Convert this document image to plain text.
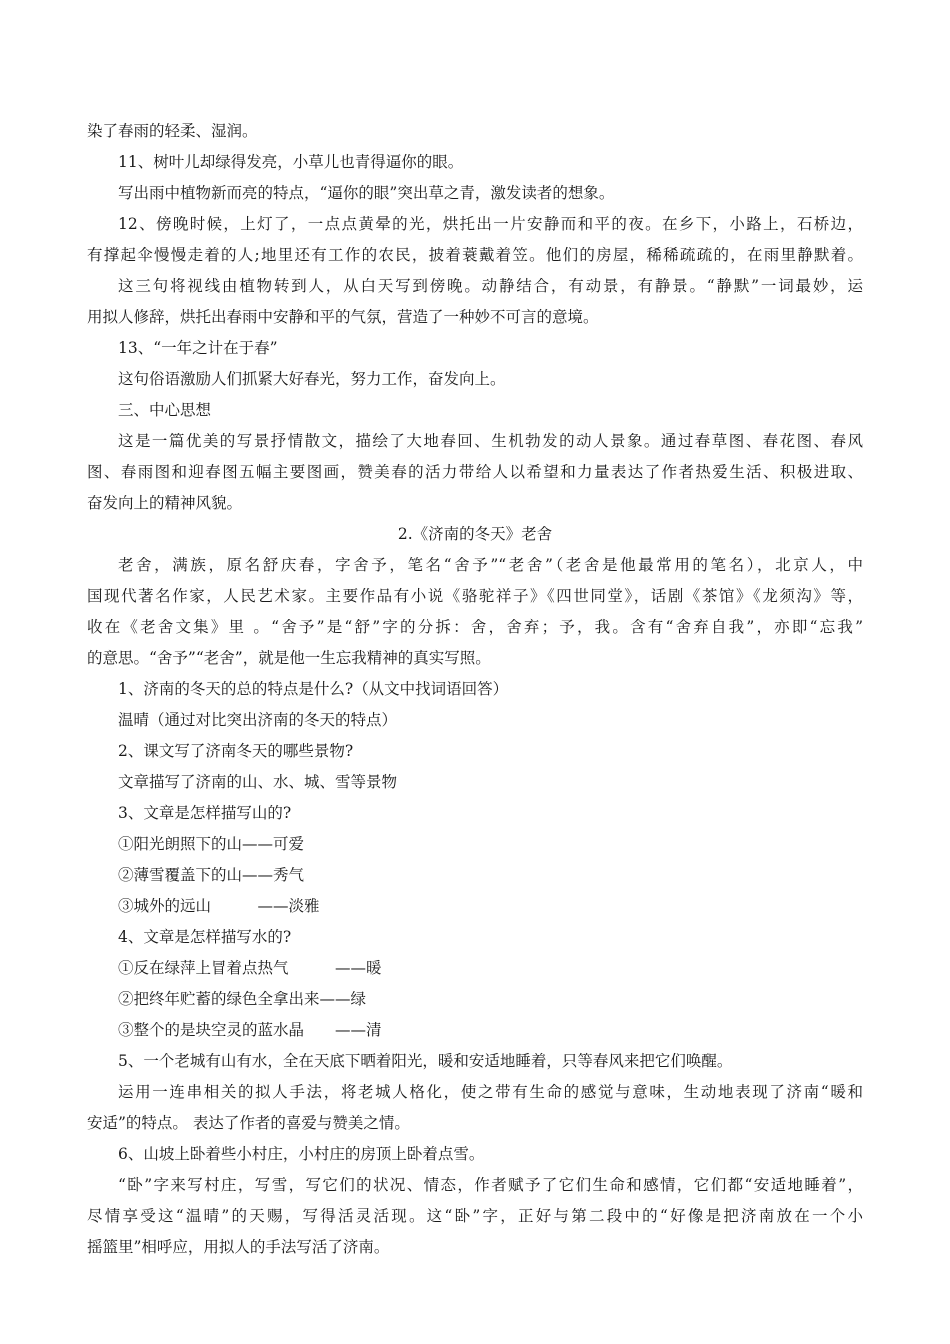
染了春雨的轻柔、湿润。
11、树叶儿却绿得发亮，小草儿也青得逼你的眼。
写出雨中植物新而亮的特点，“逼你的眼”突出草之青，激发读者的想象。
12、傍晚时候，上灯了，一点点黄晕的光，烘托出一片安静而和平的夜。在乡下，小路上，石桥边，
有撑起伞慢慢走着的人;地里还有工作的农民，披着蓑戴着笠。他们的房屋，稀稀疏疏的，在雨里静默着。
这三句将视线由植物转到人，从白天写到傍晚。动静结合，有动景，有静景。“静默”一词最妙，运
用拟人修辞，烘托出春雨中安静和平的气氛，营造了一种妙不可言的意境。
13、“一年之计在于春”
这句俗语激励人们抓紧大好春光，努力工作，奋发向上。
三、中心思想
这是一篇优美的写景抒情散文，描绘了大地春回、生机勃发的动人景象。通过春草图、春花图、春风
图、春雨图和迎春图五幅主要图画，赞美春的活力带给人以希望和力量表达了作者热爱生活、积极进取、
奋发向上的精神风貌。
2.《济南的冬天》老舍
老舍，满族，原名舒庆春，字舍予，笔名“舍予”“老舍”（老舍是他最常用的笔名），北京人，中
国现代著名作家，人民艺术家。主要作品有小说《骆驼祥子》《四世同堂》，话剧《茶馆》《龙须沟》等，
收在《老舍文集》里 。“舍予”是“舒”字的分拆：舍，舍弃；予，我。含有“舍弃自我”，亦即“忘我”
的意思。“舍予”“老舍”，就是他一生忘我精神的真实写照。
1、济南的冬天的总的特点是什么?（从文中找词语回答）
温晴（通过对比突出济南的冬天的特点）
2、课文写了济南冬天的哪些景物?
文章描写了济南的山、水、城、雪等景物
3、文章是怎样描写山的?
①阳光朗照下的山——可爱
②薄雪覆盖下的山——秀气
③城外的远山　　　——淡雅
4、文章是怎样描写水的?
①反在绿萍上冒着点热气　　　——暖
②把终年贮蓄的绿色全拿出来——绿
③整个的是块空灵的蓝水晶　　——清
5、一个老城有山有水，全在天底下晒着阳光，暖和安适地睡着，只等春风来把它们唤醒。
运用一连串相关的拟人手法，将老城人格化，使之带有生命的感觉与意味，生动地表现了济南“暖和
安适”的特点。 表达了作者的喜爱与赞美之情。
6、山坡上卧着些小村庄，小村庄的房顶上卧着点雪。
“卧”字来写村庄，写雪，写它们的状况、情态，作者赋予了它们生命和感情，它们都“安适地睡着”，
尽情享受这“温晴”的天赐，写得活灵活现。这“卧”字，正好与第二段中的“好像是把济南放在一个小
摇篮里”相呼应，用拟人的手法写活了济南。
